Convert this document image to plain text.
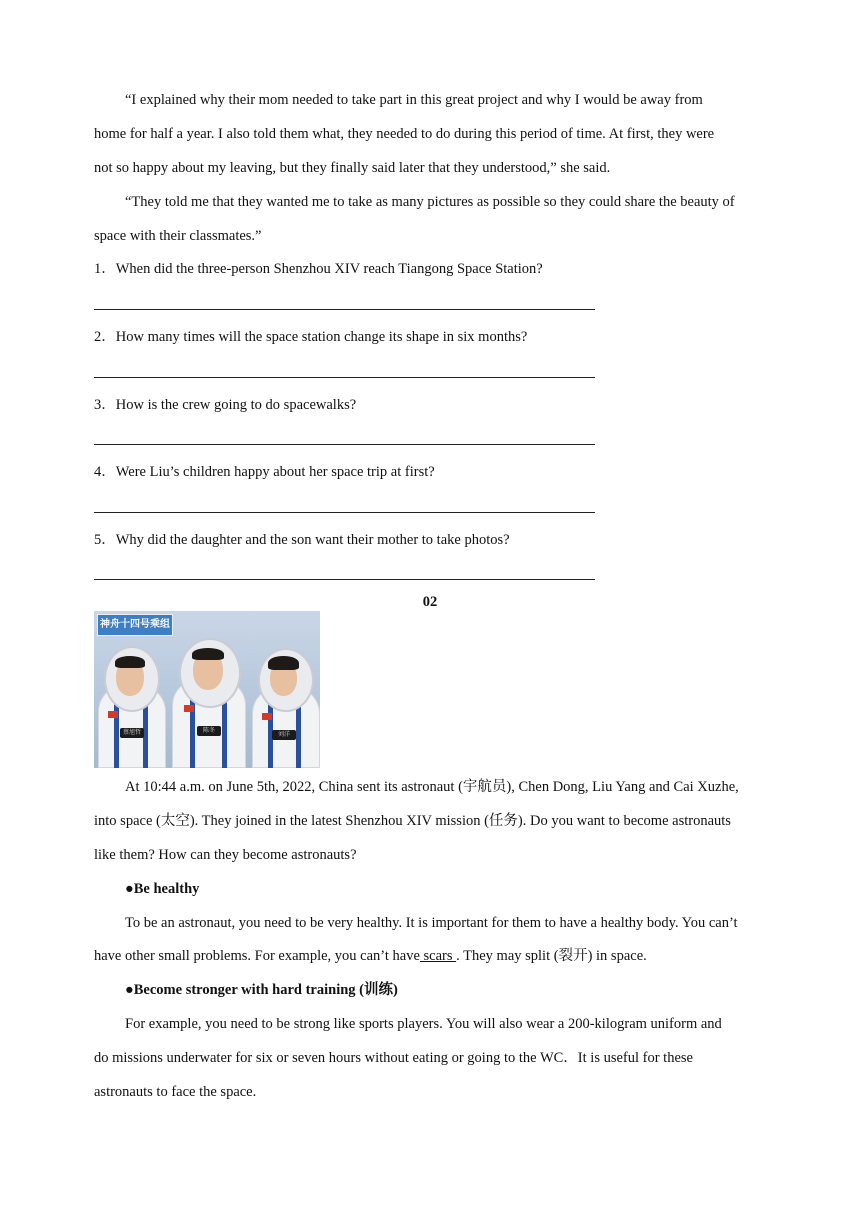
“I explained why their mom needed to take part in this great project and why I would be away from
home for half a year. I also told them what, they needed to do during this period of time. At first, they were
not so happy about my leaving, but they finally said later that they understood,” she said.
“They told me that they wanted me to take as many pictures as possible so they could share the beauty of
space with their classmates.”
1．When did the three-person Shenzhou XIV reach Tiangong Space Station?
2．How many times will the space station change its shape in six months?
3．How is the crew going to do spacewalks?
4．Were Liu’s children happy about her space trip at first?
5．Why did the daughter and the son want their mother to take photos?
02
神舟十四号乘组
蔡旭哲	陈冬
刘洋
At 10:44 a.m. on June 5th, 2022, China sent its astronaut (宇航员), Chen Dong, Liu Yang and Cai Xuzhe,
into space (太空). They joined in the latest Shenzhou XIV mission (任务). Do you want to become astronauts
like them? How can they become astronauts?
●Be healthy
To be an astronaut, you need to be very healthy. It is important for them to have a healthy body. You can’t
have other small problems. For example, you can’t have scars . They may split (裂开) in space.
●Become stronger with hard training (训练)
For example, you need to be strong like sports players. You will also wear a 200-kilogram uniform and
do missions underwater for six or seven hours without eating or going to the WC．It is useful for these
astronauts to face the space.
